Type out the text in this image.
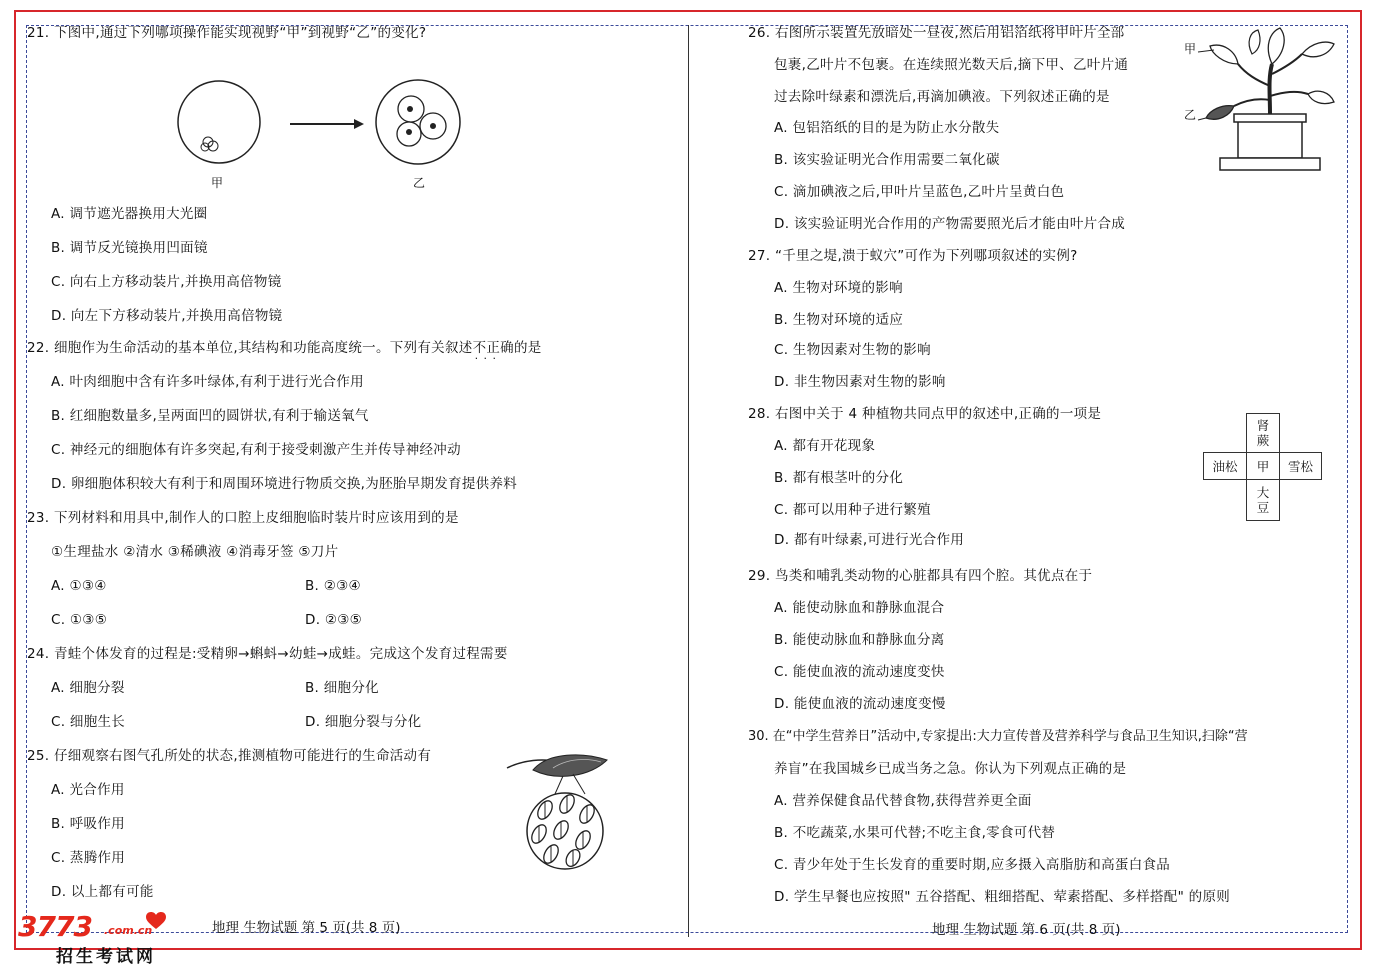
21. 下图中,通过下列哪项操作能实现视野“甲”到视野“乙”的变化?
甲	乙
A. 调节遮光器换用大光圈
B. 调节反光镜换用凹面镜
C. 向右上方移动装片,并换用高倍物镜
D. 向左下方移动装片,并换用高倍物镜
22. 细胞作为生命活动的基本单位,其结构和功能高度统一。下列有关叙述不正确 · · ·的是
A. 叶肉细胞中含有许多叶绿体,有利于进行光合作用
B. 红细胞数量多,呈两面凹的圆饼状,有利于输送氧气
C. 神经元的细胞体有许多突起,有利于接受刺激产生并传导神经冲动
D. 卵细胞体积较大有利于和周围环境进行物质交换,为胚胎早期发育提供养料
23. 下列材料和用具中,制作人的口腔上皮细胞临时装片时应该用到的是
①生理盐水 ②清水 ③稀碘液 ④消毒牙签 ⑤刀片
A. ①③④	B. ②③④
C. ①③⑤	D. ②③⑤
24. 青蛙个体发育的过程是:受精卵→蝌蚪→幼蛙→成蛙。完成这个发育过程需要
A. 细胞分裂	B. 细胞分化
C. 细胞生长	D. 细胞分裂与分化
25. 仔细观察右图气孔所处的状态,推测植物可能进行的生命活动有
A. 光合作用
B. 呼吸作用
C. 蒸腾作用
D. 以上都有可能
地理 生物试题 第 5 页(共 8 页)
26. 右图所示装置先放暗处一昼夜,然后用铝箔纸将甲叶片全部
包裹,乙叶片不包裹。在连续照光数天后,摘下甲、乙叶片通
过去除叶绿素和漂洗后,再滴加碘液。下列叙述正确的是
A. 包铝箔纸的目的是为防止水分散失
B. 该实验证明光合作用需要二氧化碳
C. 滴加碘液之后,甲叶片呈蓝色,乙叶片呈黄白色
D. 该实验证明光合作用的产物需要照光后才能由叶片合成
甲
乙
27. “千里之堤,溃于蚁穴”可作为下列哪项叙述的实例?
A. 生物对环境的影响
B. 生物对环境的适应
C. 生物因素对生物的影响
D. 非生物因素对生物的影响
28. 右图中关于 4 种植物共同点甲的叙述中,正确的一项是
A. 都有开花现象
B. 都有根茎叶的分化
C. 都可以用种子进行繁殖
D. 都有叶绿素,可进行光合作用
29. 鸟类和哺乳类动物的心脏都具有四个腔。其优点在于
A. 能使动脉血和静脉血混合
B. 能使动脉血和静脉血分离
C. 能使血液的流动速度变快
D. 能使血液的流动速度变慢
30. 在“中学生营养日”活动中,专家提出:大力宣传普及营养科学与食品卫生知识,扫除“营
养盲”在我国城乡已成当务之急。你认为下列观点正确的是
A. 营养保健食品代替食物,获得营养更全面
B. 不吃蔬菜,水果可代替;不吃主食,零食可代替
C. 青少年处于生长发育的重要时期,应多摄入高脂肪和高蛋白食品
D. 学生早餐也应按照" 五谷搭配、粗细搭配、荤素搭配、多样搭配" 的原则
肾蕨
油松	甲	雪松
大豆
地理 生物试题 第 6 页(共 8 页)
3773 .com.cn
招生考试网
